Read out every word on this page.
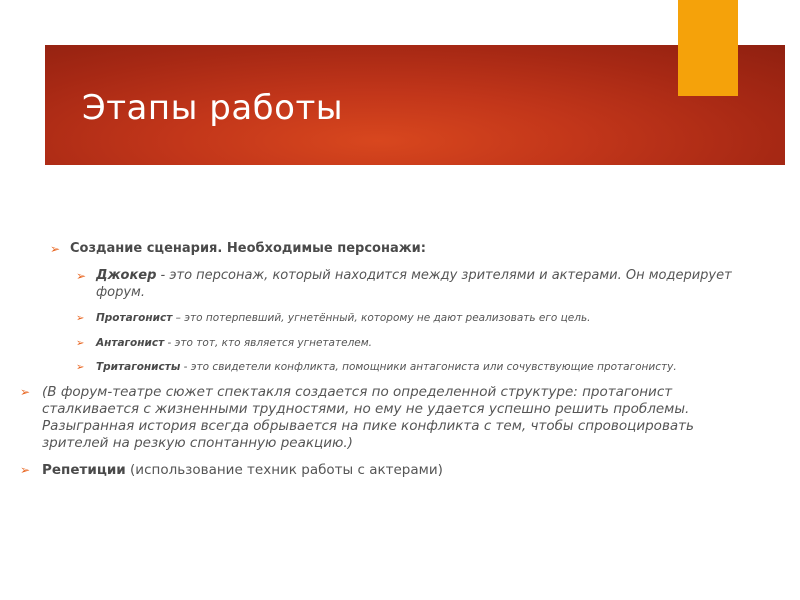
Этапы работы
➢ Создание сценария. Необходимые персонажи:
➢ Джокер - это персонаж, который находится между зрителями и актерами. Он модерирует форум.
➢ Протагонист – это потерпевший, угнетённый, которому не дают реализовать его цель.
➢ Антагонист - это тот, кто является угнетателем.
➢ Тритагонисты - это свидетели конфликта, помощники антагониста или сочувствующие протагонисту.
➢ (В форум-театре сюжет спектакля создается по определенной структуре: протагонист сталкивается с жизненными трудностями, но ему не удается успешно решить проблемы. Разыгранная история всегда обрывается на пике конфликта с тем, чтобы спровоцировать зрителей на резкую спонтанную реакцию.)
➢ Репетиции (использование техник работы с актерами)
